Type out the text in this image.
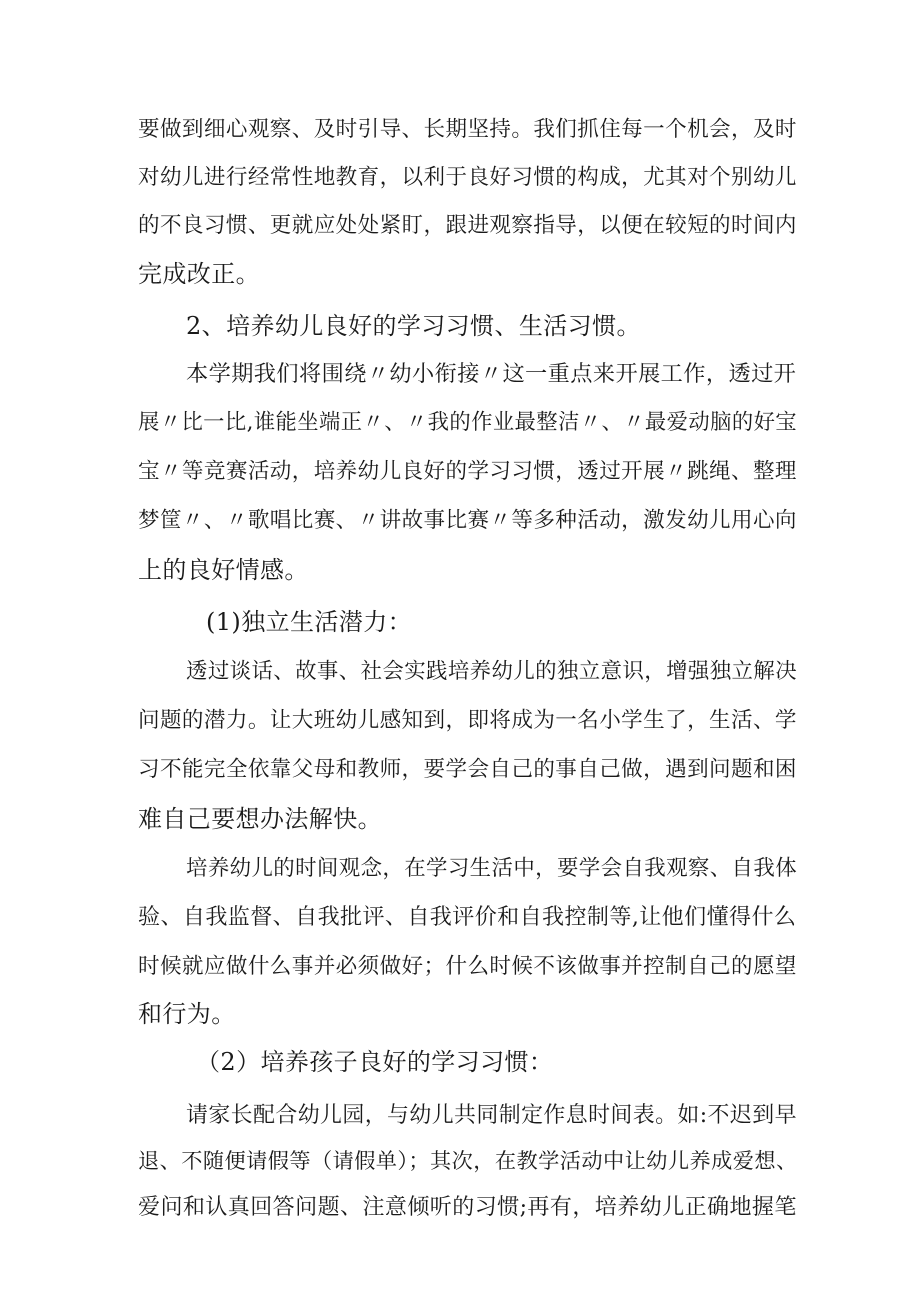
要做到细心观察、及时引导、长期坚持。我们抓住每一个机会，及时
对幼儿进行经常性地教育，以利于良好习惯的构成，尤其对个别幼儿
的不良习惯、更就应处处紧盯，跟进观察指导，以便在较短的时间内
完成改正。
2、培养幼儿良好的学习习惯、生活习惯。
本学期我们将围绕〃幼小衔接〃这一重点来开展工作，透过开
展〃比一比,谁能坐端正〃、〃我的作业最整洁〃、〃最爱动脑的好宝
宝〃等竞赛活动，培养幼儿良好的学习习惯，透过开展〃跳绳、整理
梦筐〃、〃歌唱比赛、〃讲故事比赛〃等多种活动，激发幼儿用心向
上的良好情感。
(1)独立生活潜力：
透过谈话、故事、社会实践培养幼儿的独立意识，增强独立解决
问题的潜力。让大班幼儿感知到，即将成为一名小学生了，生活、学
习不能完全依靠父母和教师，要学会自己的事自己做，遇到问题和困
难自己要想办法解快。
培养幼儿的时间观念，在学习生活中，要学会自我观察、自我体
验、自我监督、自我批评、自我评价和自我控制等,让他们懂得什么
时候就应做什么事并必须做好；什么时候不该做事并控制自己的愿望
和行为。
（2）培养孩子良好的学习习惯：
请家长配合幼儿园，与幼儿共同制定作息时间表。如:不迟到早
退、不随便请假等（请假单）；其次，在教学活动中让幼儿养成爱想、
爱问和认真回答问题、注意倾听的习惯;再有，培养幼儿正确地握笔
